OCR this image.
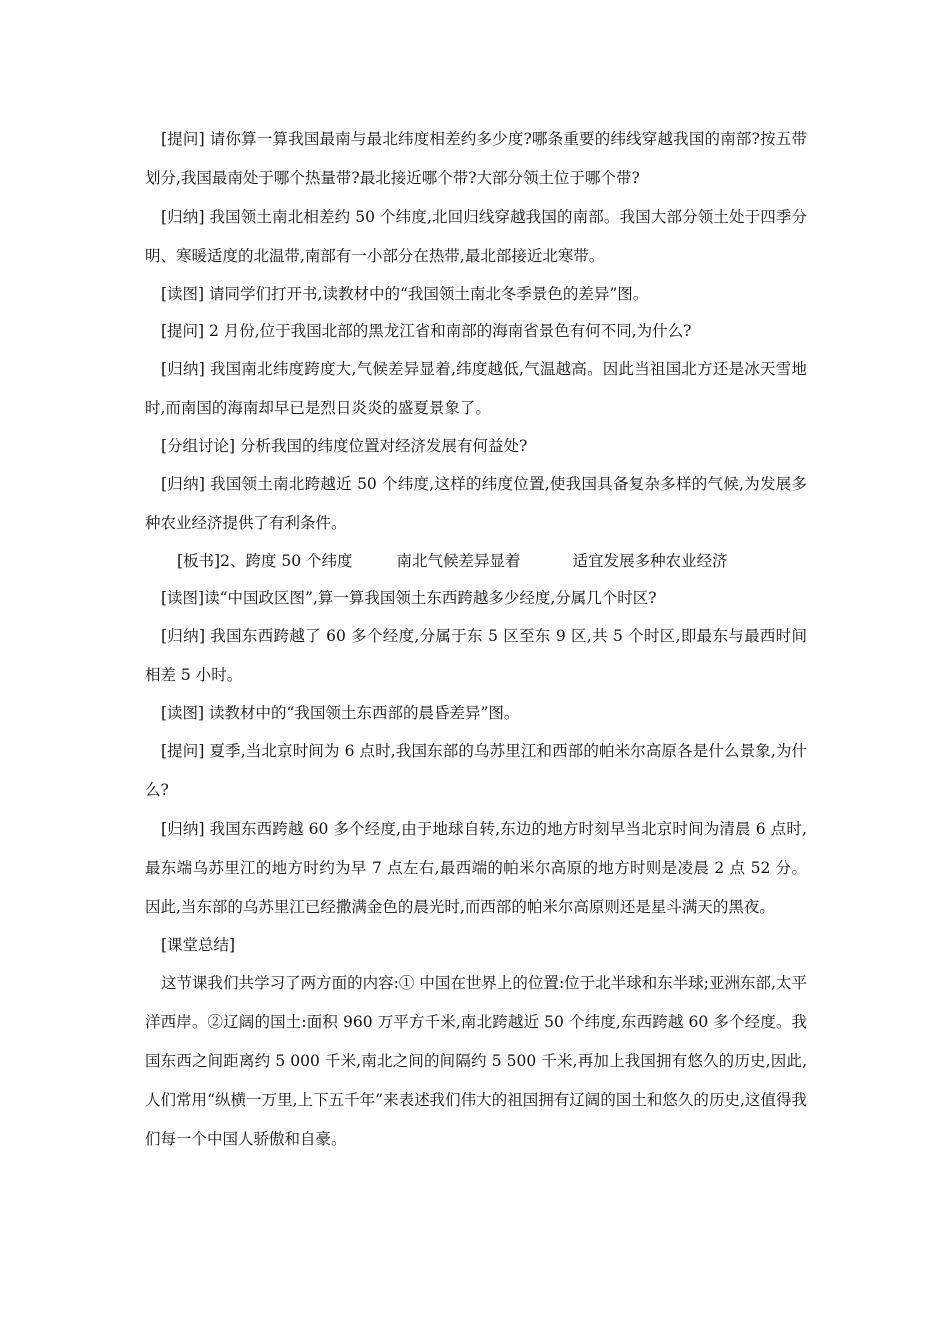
[提问] 请你算一算我国最南与最北纬度相差约多少度?哪条重要的纬线穿越我国的南部?按五带划分,我国最南处于哪个热量带?最北接近哪个带?大部分领土位于哪个带?

[归纳] 我国领土南北相差约 50 个纬度,北回归线穿越我国的南部。我国大部分领土处于四季分明、寒暖适度的北温带,南部有一小部分在热带,最北部接近北寒带。

[读图] 请同学们打开书,读教材中的“我国领土南北冬季景色的差异”图。

[提问] 2 月份,位于我国北部的黑龙江省和南部的海南省景色有何不同,为什么?

[归纳] 我国南北纬度跨度大,气候差异显着,纬度越低,气温越高。因此当祖国北方还是冰天雪地时,而南国的海南却早已是烈日炎炎的盛夏景象了。

[分组讨论] 分析我国的纬度位置对经济发展有何益处?

[归纳] 我国领土南北跨越近 50 个纬度,这样的纬度位置,使我国具备复杂多样的气候,为发展多种农业经济提供了有利条件。

[板书]2、跨度 50 个纬度	南北气候差异显着	适宜发展多种农业经济

[读图]读“中国政区图”,算一算我国领土东西跨越多少经度,分属几个时区?

[归纳] 我国东西跨越了 60 多个经度,分属于东 5 区至东 9 区,共 5 个时区,即最东与最西时间相差 5 小时。

[读图] 读教材中的“我国领土东西部的晨昏差异”图。

[提问] 夏季,当北京时间为 6 点时,我国东部的乌苏里江和西部的帕米尔高原各是什么景象,为什么?

[归纳] 我国东西跨越 60 多个经度,由于地球自转,东边的地方时刻早当北京时间为清晨 6 点时,最东端乌苏里江的地方时约为早 7 点左右,最西端的帕米尔高原的地方时则是凌晨 2 点 52 分。因此,当东部的乌苏里江已经撒满金色的晨光时,而西部的帕米尔高原则还是星斗满天的黑夜。

[课堂总结]

这节课我们共学习了两方面的内容:① 中国在世界上的位置:位于北半球和东半球;亚洲东部,太平洋西岸。②辽阔的国土:面积 960 万平方千米,南北跨越近 50 个纬度,东西跨越 60 多个经度。我国东西之间距离约 5 000 千米,南北之间的间隔约 5 500 千米,再加上我国拥有悠久的历史,因此,人们常用“纵横一万里,上下五千年”来表述我们伟大的祖国拥有辽阔的国土和悠久的历史,这值得我们每一个中国人骄傲和自豪。
